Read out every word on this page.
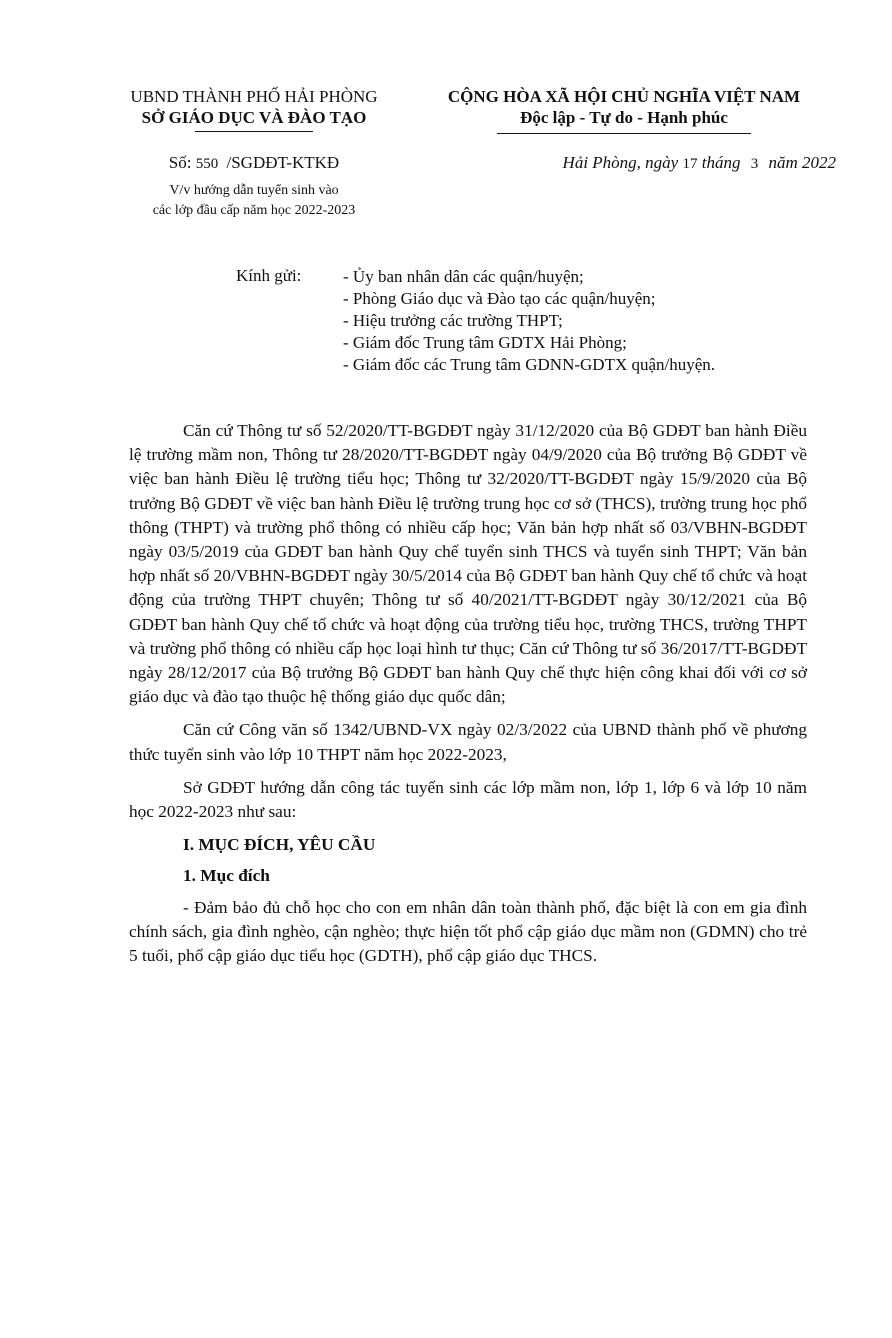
UBND THÀNH PHỐ HẢI PHÒNG
SỞ GIÁO DỤC VÀ ĐÀO TẠO
CỘNG HÒA XÃ HỘI CHỦ NGHĨA VIỆT NAM
Độc lập - Tự do - Hạnh phúc
Số: 550 /SGDĐT-KTKĐ
V/v hướng dẫn tuyển sinh vào
các lớp đầu cấp năm học 2022-2023
Hải Phòng, ngày 17 tháng 3 năm 2022
Kính gửi: - Ủy ban nhân dân các quận/huyện;
- Phòng Giáo dục và Đào tạo các quận/huyện;
- Hiệu trưởng các trường THPT;
- Giám đốc Trung tâm GDTX Hải Phòng;
- Giám đốc các Trung tâm GDNN-GDTX quận/huyện.

Căn cứ Thông tư số 52/2020/TT-BGDĐT ngày 31/12/2020 của Bộ GDĐT ban hành Điều lệ trường mầm non, Thông tư 28/2020/TT-BGDĐT ngày 04/9/2020 của Bộ trưởng Bộ GDĐT về việc ban hành Điều lệ trường tiểu học; Thông tư 32/2020/TT-BGDĐT ngày 15/9/2020 của Bộ trưởng Bộ GDĐT về việc ban hành Điều lệ trường trung học cơ sở (THCS), trường trung học phổ thông (THPT) và trường phổ thông có nhiều cấp học; Văn bản hợp nhất số 03/VBHN-BGDĐT ngày 03/5/2019 của GDĐT ban hành Quy chế tuyển sinh THCS và tuyển sinh THPT; Văn bản hợp nhất số 20/VBHN-BGDĐT ngày 30/5/2014 của Bộ GDĐT ban hành Quy chế tổ chức và hoạt động của trường THPT chuyên; Thông tư số 40/2021/TT-BGDĐT ngày 30/12/2021 của Bộ GDĐT ban hành Quy chế tổ chức và hoạt động của trường tiểu học, trường THCS, trường THPT và trường phổ thông có nhiều cấp học loại hình tư thục; Căn cứ Thông tư số 36/2017/TT-BGDĐT ngày 28/12/2017 của Bộ trưởng Bộ GDĐT ban hành Quy chế thực hiện công khai đối với cơ sở giáo dục và đào tạo thuộc hệ thống giáo dục quốc dân;

Căn cứ Công văn số 1342/UBND-VX ngày 02/3/2022 của UBND thành phố về phương thức tuyển sinh vào lớp 10 THPT năm học 2022-2023,

Sở GDĐT hướng dẫn công tác tuyển sinh các lớp mầm non, lớp 1, lớp 6 và lớp 10 năm học 2022-2023 như sau:

I. MỤC ĐÍCH, YÊU CẦU
1. Mục đích

- Đảm bảo đủ chỗ học cho con em nhân dân toàn thành phố, đặc biệt là con em gia đình chính sách, gia đình nghèo, cận nghèo; thực hiện tốt phổ cập giáo dục mầm non (GDMN) cho trẻ 5 tuổi, phổ cập giáo dục tiểu học (GDTH), phổ cập giáo dục THCS.
